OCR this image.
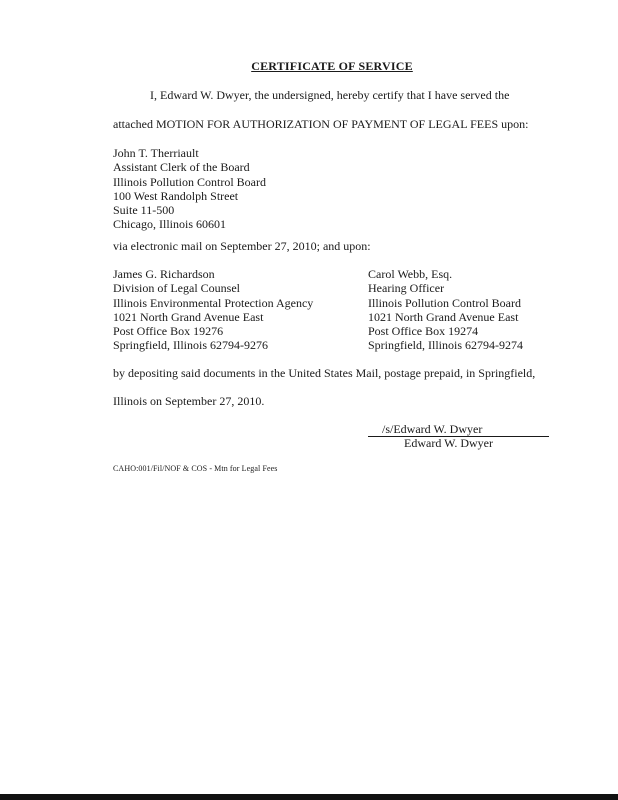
CERTIFICATE OF SERVICE
I, Edward W. Dwyer, the undersigned, hereby certify that I have served the
attached MOTION FOR AUTHORIZATION OF PAYMENT OF LEGAL FEES upon:
John T. Therriault
Assistant Clerk of the Board
Illinois Pollution Control Board
100 West Randolph Street
Suite 11-500
Chicago, Illinois 60601
via electronic mail on September 27, 2010; and upon:
James G. Richardson
Division of Legal Counsel
Illinois Environmental Protection Agency
1021 North Grand Avenue East
Post Office Box 19276
Springfield, Illinois 62794-9276
Carol Webb, Esq.
Hearing Officer
Illinois Pollution Control Board
1021 North Grand Avenue East
Post Office Box 19274
Springfield, Illinois 62794-9274
by depositing said documents in the United States Mail, postage prepaid, in Springfield,
Illinois on September 27, 2010.
/s/Edward W. Dwyer
Edward W. Dwyer
CAHO:001/Fil/NOF & COS - Mtn for Legal Fees
